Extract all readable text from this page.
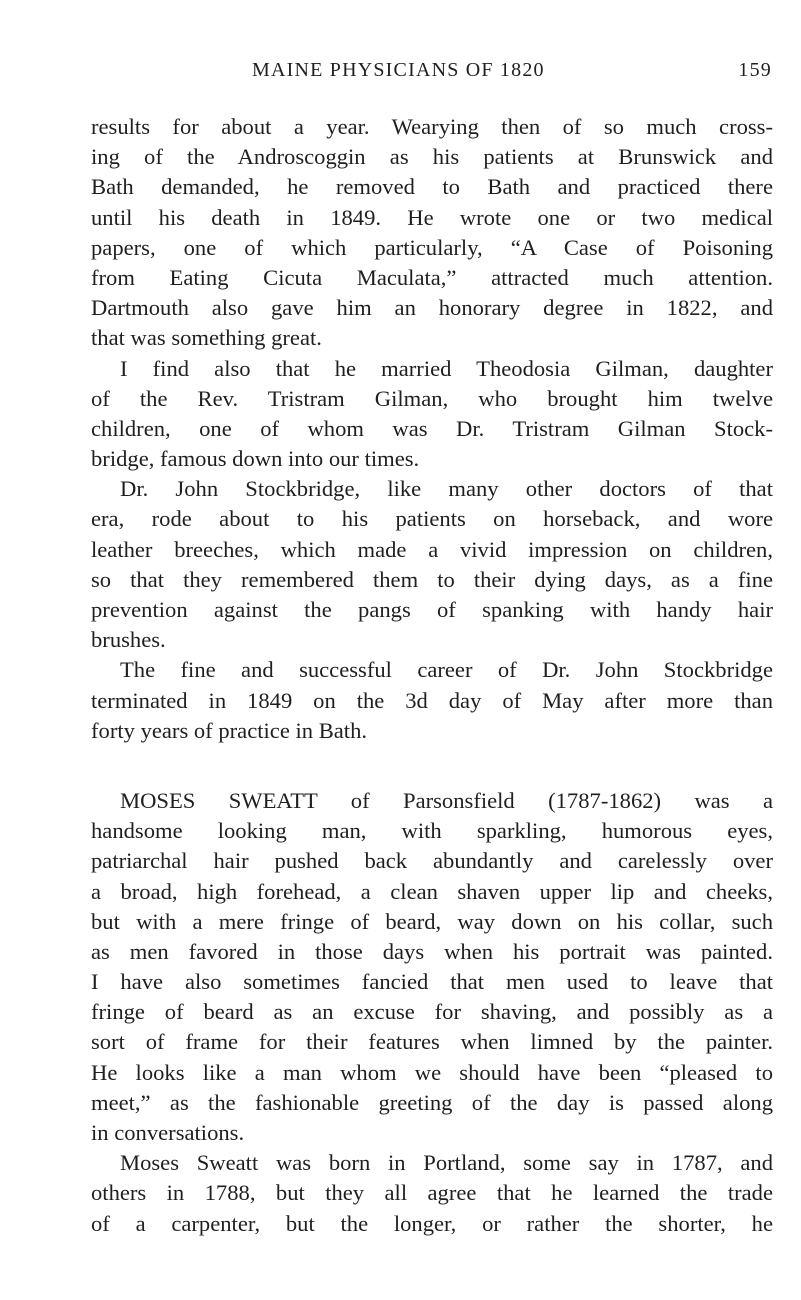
MAINE PHYSICIANS OF 1820	159
results for about a year. Wearying then of so much cross-
ing of the Androscoggin as his patients at Brunswick and
Bath demanded, he removed to Bath and practiced there
until his death in 1849. He wrote one or two medical
papers, one of which particularly, “A Case of Poisoning
from Eating Cicuta Maculata,” attracted much attention.
Dartmouth also gave him an honorary degree in 1822, and
that was something great.
I find also that he married Theodosia Gilman, daughter
of the Rev. Tristram Gilman, who brought him twelve
children, one of whom was Dr. Tristram Gilman Stock-
bridge, famous down into our times.
Dr. John Stockbridge, like many other doctors of that
era, rode about to his patients on horseback, and wore
leather breeches, which made a vivid impression on children,
so that they remembered them to their dying days, as a fine
prevention against the pangs of spanking with handy hair
brushes.
The fine and successful career of Dr. John Stockbridge
terminated in 1849 on the 3d day of May after more than
forty years of practice in Bath.
MOSES SWEATT of Parsonsfield (1787-1862) was a
handsome looking man, with sparkling, humorous eyes,
patriarchal hair pushed back abundantly and carelessly over
a broad, high forehead, a clean shaven upper lip and cheeks,
but with a mere fringe of beard, way down on his collar, such
as men favored in those days when his portrait was painted.
I have also sometimes fancied that men used to leave that
fringe of beard as an excuse for shaving, and possibly as a
sort of frame for their features when limned by the painter.
He looks like a man whom we should have been “pleased to
meet,” as the fashionable greeting of the day is passed along
in conversations.
Moses Sweatt was born in Portland, some say in 1787, and
others in 1788, but they all agree that he learned the trade
of a carpenter, but the longer, or rather the shorter, he
